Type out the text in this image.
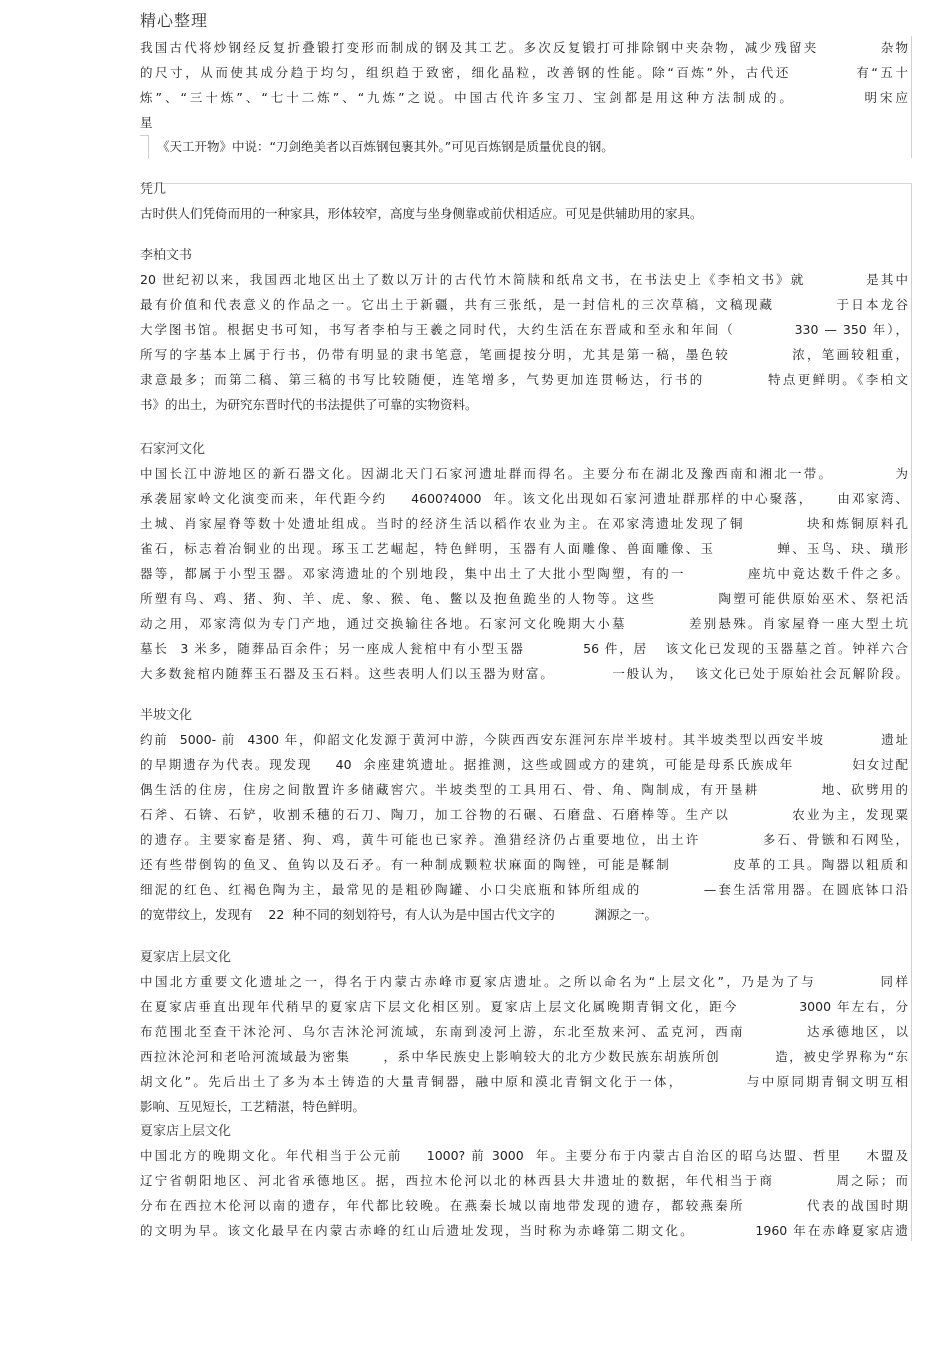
精心整理

我国古代将炒钢经反复折叠锻打变形而制成的钢及其工艺。多次反复锻打可排除钢中夹杂物，减少残留夹          杂物

的尺寸，从而使其成分趋于均匀，组织趋于致密，细化晶粒，改善钢的性能。除“百炼”外，古代还          有“五十

炼”、“三十炼”、“七十二炼”、“九炼”之说。中国古代许多宝刀、宝剑都是用这种方法制成的。          明宋应

星

《天工开物》中说：“刀剑绝美者以百炼钢包裹其外。”可见百炼钢是质量优良的钢。

凭几

古时供人们凭倚而用的一种家具，形体较窄，高度与坐身侧靠或前伏相适应。可见是供辅助用的家具。

李柏文书

20 世纪初以来，我国西北地区出土了数以万计的古代竹木简牍和纸帛文书，在书法史上《李柏文书》就          是其中

最有价值和代表意义的作品之一。它出土于新疆，共有三张纸，是一封信札的三次草稿，文稿现藏          于日本龙谷

大学图书馆。根据史书可知，书写者李柏与王羲之同时代，大约生活在东晋咸和至永和年间（          330 — 350 年），

所写的字基本上属于行书，仍带有明显的隶书笔意，笔画提按分明，尤其是第一稿，墨色较          浓，笔画较粗重，

隶意最多；而第二稿、第三稿的书写比较随便，连笔增多，气势更加连贯畅达，行书的          特点更鲜明。《李柏文

书》的出土，为研究东晋时代的书法提供了可靠的实物资料。

石家河文化

中国长江中游地区的新石器文化。因湖北天门石家河遗址群而得名。主要分布在湖北及豫西南和湘北一带。          为

承袭屈家岭文化演变而来，年代距今约    4600?4000  年。该文化出现如石家河遗址群那样的中心聚落，    由邓家湾、

土城、肖家屋脊等数十处遗址组成。当时的经济生活以稻作农业为主。在邓家湾遗址发现了铜          块和炼铜原料孔

雀石，标志着冶铜业的出现。琢玉工艺崛起，特色鲜明，玉器有人面雕像、兽面雕像、玉          蝉、玉鸟、玦、璜形

器等，都属于小型玉器。邓家湾遗址的个别地段，集中出土了大批小型陶塑，有的一          座坑中竟达数千件之多。

所塑有鸟、鸡、猪、狗、羊、虎、象、猴、龟、鳖以及抱鱼跪坐的人物等。这些          陶塑可能供原始巫术、祭祀活

动之用，邓家湾似为专门产地，通过交换输往各地。石家河文化晚期大小墓          差别悬殊。肖家屋脊一座大型土坑

墓长  3 米多，随葬品百余件；另一座成人瓮棺中有小型玉器          56 件，居   该文化已发现的玉器墓之首。钟祥六合

大多数瓮棺内随葬玉石器及玉石料。这些表明人们以玉器为财富。          一般认为，  该文化已处于原始社会瓦解阶段。

半坡文化

约前  5000- 前  4300 年，仰韶文化发源于黄河中游，今陕西西安东涯河东岸半坡村。其半坡类型以西安半坡          遗址

的早期遗存为代表。现发现    40  余座建筑遗址。据推测，这些或圆或方的建筑，可能是母系氏族成年          妇女过配

偶生活的住房，住房之间散置许多储藏窖穴。半坡类型的工具用石、骨、角、陶制成，有开垦耕          地、砍劈用的

石斧、石锛、石铲，收割禾穗的石刀、陶刀，加工谷物的石碾、石磨盘、石磨棒等。生产以          农业为主，发现粟

的遗存。主要家畜是猪、狗、鸡，黄牛可能也已家养。渔猎经济仍占重要地位，出土许          多石、骨镞和石网坠，

还有些带倒钩的鱼叉、鱼钩以及石矛。有一种制成颗粒状麻面的陶锉，可能是鞣制          皮革的工具。陶器以粗质和

细泥的红色、红褐色陶为主，最常见的是粗砂陶罐、小口尖底瓶和钵所组成的          —套生活常用器。在圆底钵口沿

的宽带纹上，发现有    22  种不同的刻划符号，有人认为是中国古代文字的          渊源之一。

夏家店上层文化

中国北方重要文化遗址之一，得名于内蒙古赤峰市夏家店遗址。之所以命名为“上层文化”，乃是为了与          同样

在夏家店垂直出现年代稍早的夏家店下层文化相区别。夏家店上层文化属晚期青铜文化，距今          3000 年左右，分

布范围北至查干沐沦河、乌尔吉沐沦河流域，东南到凌河上游，东北至敖来河、孟克河，西南          达承德地区，以

西拉沐沦河和老哈河流域最为密集      ，系中华民族史上影响较大的北方少数民族东胡族所创          造，被史学界称为“东

胡文化”。先后出土了多为本土铸造的大量青铜器，融中原和漠北青铜文化于一体，          与中原同期青铜文明互相

影响、互见短长，工艺精湛，特色鲜明。

夏家店上层文化

中国北方的晚期文化。年代相当于公元前    1000? 前 3000  年。主要分布于内蒙古自治区的昭乌达盟、哲里    木盟及

辽宁省朝阳地区、河北省承德地区。据，西拉木伦河以北的林西县大井遗址的数据，年代相当于商          周之际；而

分布在西拉木伦河以南的遗存，年代都比较晚。在燕秦长城以南地带发现的遗存，都较燕秦所          代表的战国时期

的文明为早。该文化最早在内蒙古赤峰的红山后遗址发现，当时称为赤峰第二期文化。          1960 年在赤峰夏家店遗
